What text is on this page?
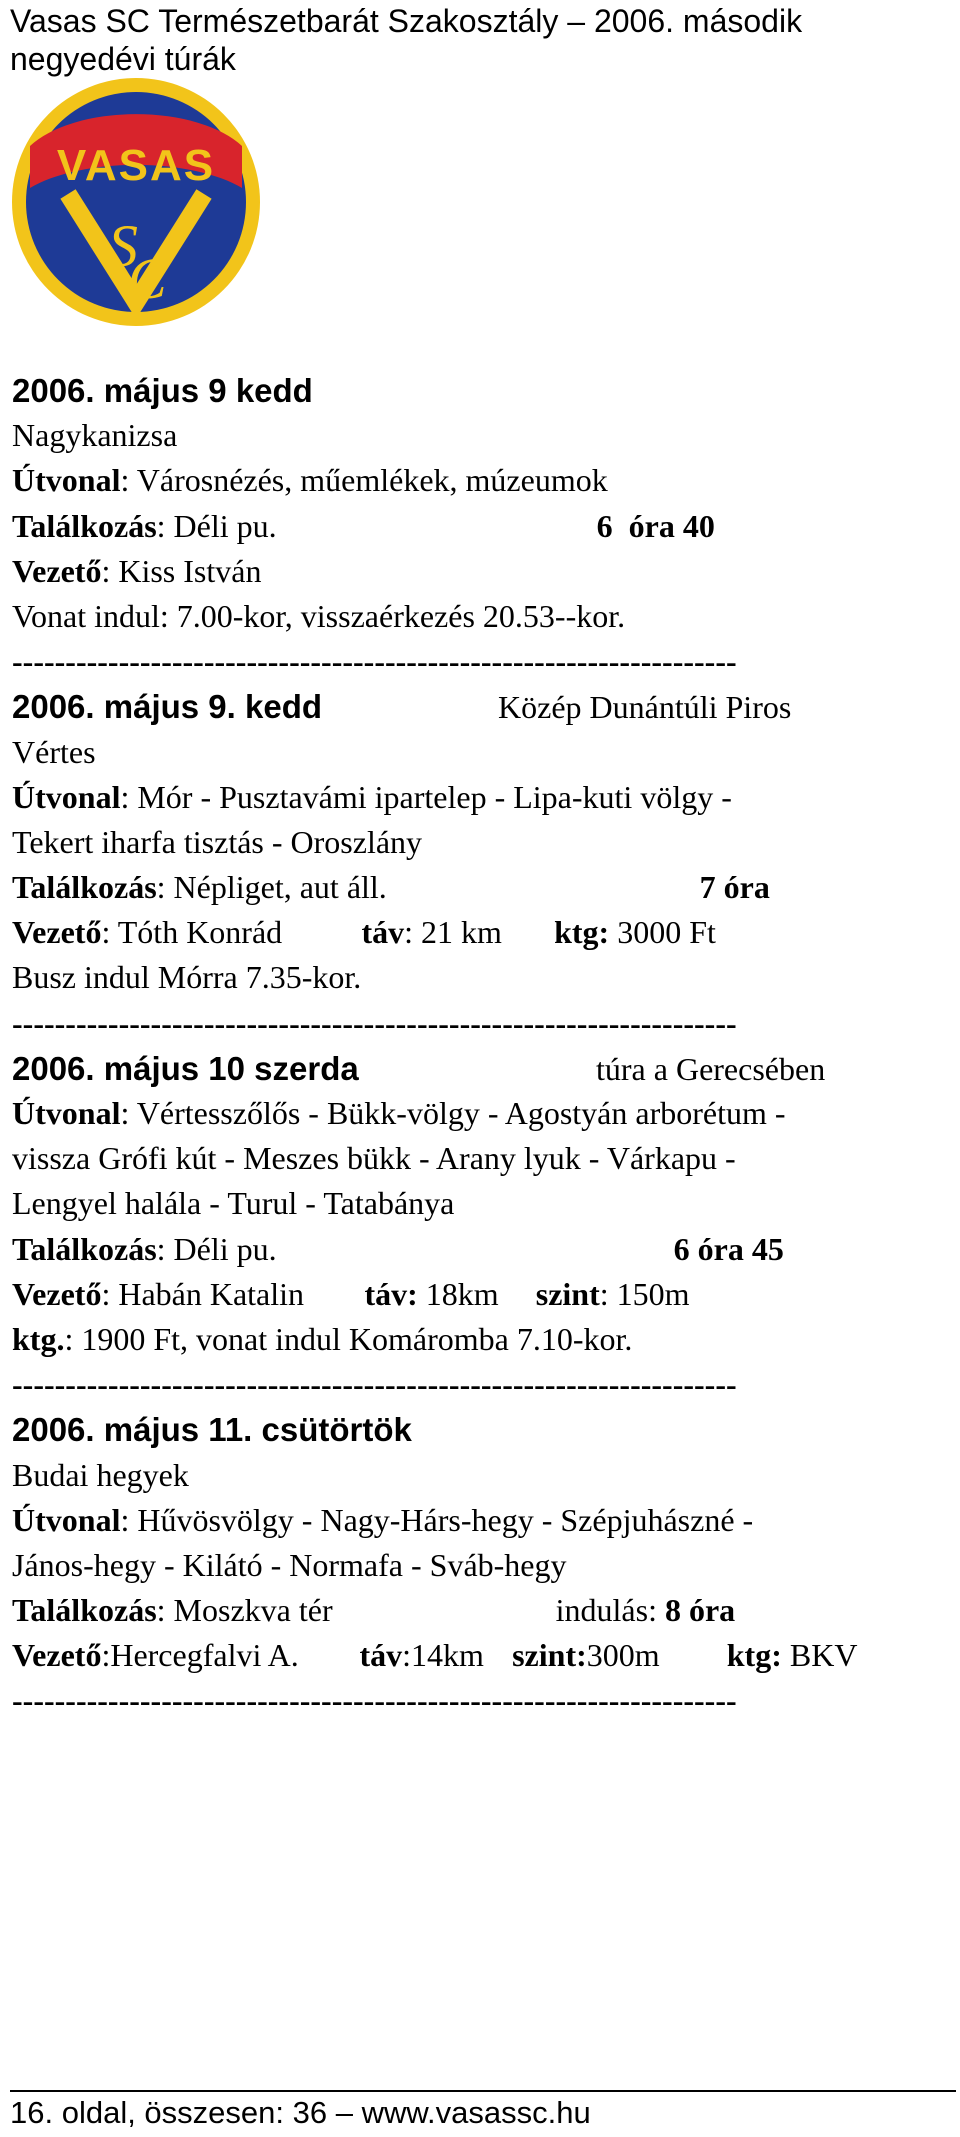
Vasas SC Természetbarát Szakosztály – 2006. második negyedévi túrák
VASAS
S
C
2006. május 9 kedd
Nagykanizsa
Útvonal: Városnézés, műemlékek, múzeumok
Találkozás: Déli pu.	6  óra 40
Vezető: Kiss István
Vonat indul: 7.00-kor, visszaérkezés 20.53--kor.
--------------------------------------------------------------------
2006. május 9. kedd	Közép Dunántúli Piros
Vértes
Útvonal: Mór - Pusztavámi ipartelep - Lipa-kuti völgy -
Tekert iharfa tisztás - Oroszlány
Találkozás: Népliget, aut áll.	7 óra
Vezető: Tóth Konrád táv: 21 km ktg: 3000 Ft
Busz indul Mórra 7.35-kor.
--------------------------------------------------------------------
2006. május 10 szerda	túra a Gerecsében
Útvonal: Vértesszőlős - Bükk-völgy - Agostyán arborétum -
vissza Grófi kút - Meszes bükk - Arany lyuk - Várkapu -
Lengyel halála - Turul - Tatabánya
Találkozás: Déli pu.	6 óra 45
Vezető: Habán Katalin táv: 18km szint: 150m
ktg.: 1900 Ft, vonat indul Komáromba 7.10-kor.
--------------------------------------------------------------------
2006. május 11. csütörtök
Budai hegyek
Útvonal: Hűvösvölgy - Nagy-Hárs-hegy - Szépjuhászné -
János-hegy - Kilátó - Normafa - Sváb-hegy
Találkozás: Moszkva tér	indulás: 8 óra
Vezető:Hercegfalvi A. táv:14km szint:300m ktg: BKV
--------------------------------------------------------------------
16. oldal, összesen: 36 – www.vasassc.hu
